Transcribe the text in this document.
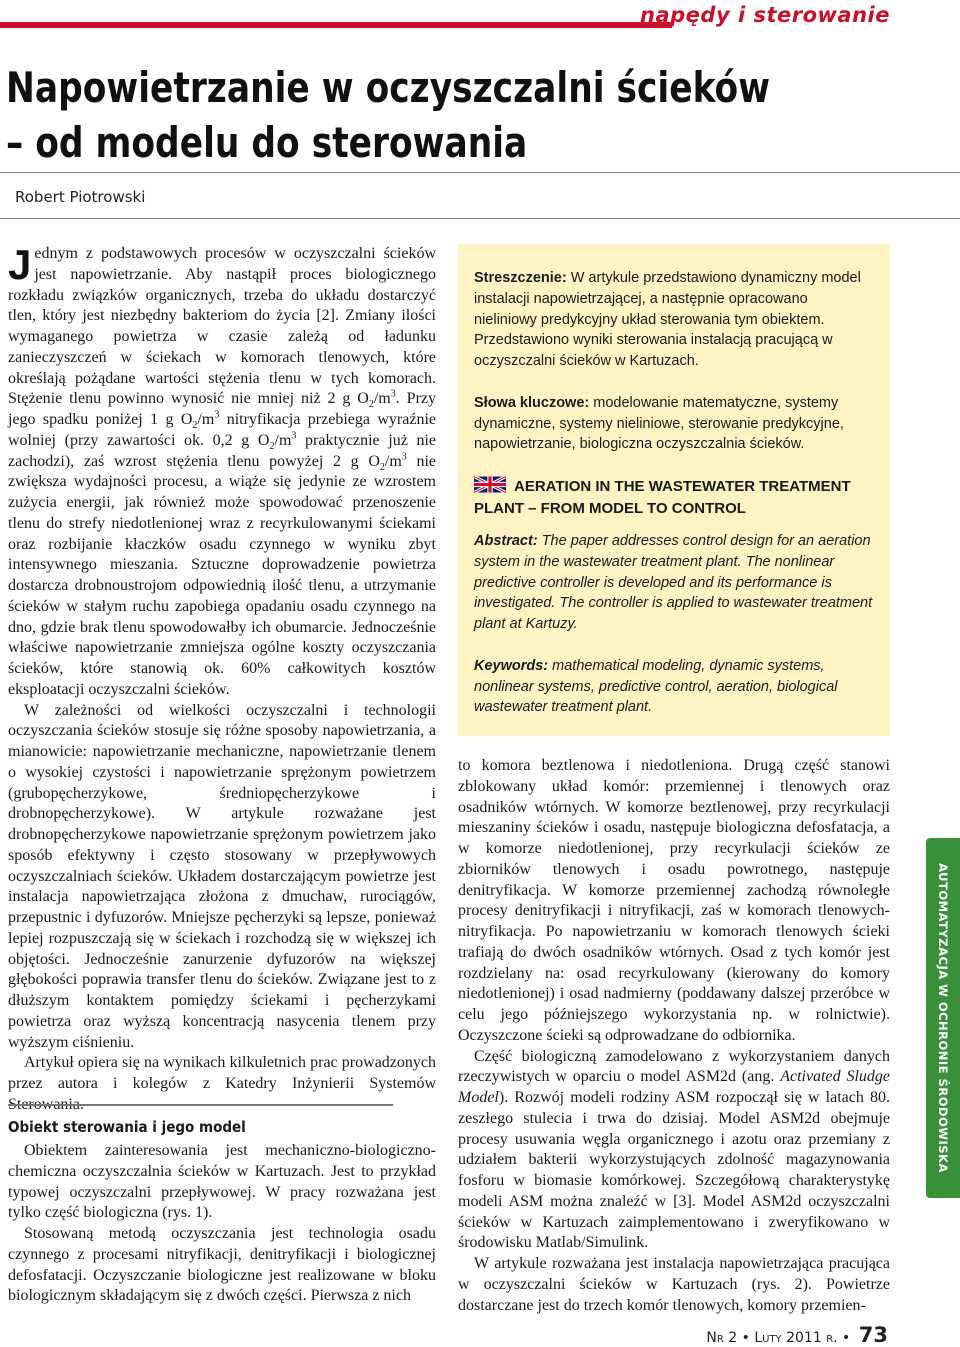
napędy i sterowanie
Napowietrzanie w oczyszczalni ścieków
– od modelu do sterowania
Robert Piotrowski

Jednym z podstawowych procesów w oczyszczalni ścieków jest napowietrzanie. Aby nastąpił proces biologicznego rozkładu związków organicznych, trzeba do układu dostarczyć tlen, który jest niezbędny bakteriom do życia [2]. Zmiany ilości wymaganego powietrza w czasie zależą od ładunku zanieczyszczeń w ściekach w komorach tlenowych, które określają pożądane wartości stężenia tlenu w tych komorach. Stężenie tlenu powinno wynosić nie mniej niż 2 g $O_2/m^3$. Przy jego spadku poniżej 1 g $O_2/m^3$ nitryfikacja przebiega wyraźnie wolniej (przy zawartości ok. 0,2 g $O_2/m^3$ praktycznie już nie zachodzi), zaś wzrost stężenia tlenu powyżej 2 g $O_2/m^3$ nie zwiększa wydajności procesu, a wiąże się jedynie ze wzrostem zużycia energii, jak również może spowodować przenoszenie tlenu do strefy niedotlenionej wraz z recyrkulowanymi ściekami oraz rozbijanie kłaczków osadu czynnego w wyniku zbyt intensywnego mieszania. Sztuczne doprowadzenie powietrza dostarcza drobnoustrojom odpowiednią ilość tlenu, a utrzymanie ścieków w stałym ruchu zapobiega opadaniu osadu czynnego na dno, gdzie brak tlenu spowodowałby ich obumarcie. Jednocześnie właściwe napowietrzanie zmniejsza ogólne koszty oczyszczania ścieków, które stanowią ok. 60% całkowitych kosztów eksploatacji oczyszczalni ścieków.

W zależności od wielkości oczyszczalni i technologii oczyszczania ścieków stosuje się różne sposoby napowietrzania, a mianowicie: napowietrzanie mechaniczne, napowietrzanie tlenem o wysokiej czystości i napowietrzanie sprężonym powietrzem (grubopęcherzykowe, średniopęcherzykowe i drobnopęcherzykowe). W artykule rozważane jest drobnopęcherzykowe napowietrzanie sprężonym powietrzem jako sposób efektywny i często stosowany w przepływowych oczyszczalniach ścieków. Układem dostarczającym powietrze jest instalacja napowietrzająca złożona z dmuchaw, rurociągów, przepustnic i dyfuzorów. Mniejsze pęcherzyki są lepsze, ponieważ lepiej rozpuszczają się w ściekach i rozchodzą się w większej ich objętości. Jednocześnie zanurzenie dyfuzorów na większej głębokości poprawia transfer tlenu do ścieków. Związane jest to z dłuższym kontaktem pomiędzy ściekami i pęcherzykami powietrza oraz wyższą koncentracją nasycenia tlenem przy wyższym ciśnieniu.

Artykuł opiera się na wynikach kilkuletnich prac prowadzonych przez autora i kolegów z Katedry Inżynierii Systemów Sterowania.

Obiekt sterowania i jego model

Obiektem zainteresowania jest mechaniczno-biologiczno-chemiczna oczyszczalnia ścieków w Kartuzach. Jest to przykład typowej oczyszczalni przepływowej. W pracy rozważana jest tylko część biologiczna (rys. 1).

Stosowaną metodą oczyszczania jest technologia osadu czynnego z procesami nitryfikacji, denitryfikacji i biologicznej defosfatacji. Oczyszczanie biologiczne jest realizowane w bloku biologicznym składającym się z dwóch części. Pierwsza z nich

Streszczenie: W artykule przedstawiono dynamiczny model instalacji napowietrzającej, a następnie opracowano nieliniowy predykcyjny układ sterowania tym obiektem. Przedstawiono wyniki sterowania instalacją pracującą w oczyszczalni ścieków w Kartuzach.

Słowa kluczowe: modelowanie matematyczne, systemy dynamiczne, systemy nieliniowe, sterowanie predykcyjne, napowietrzanie, biologiczna oczyszczalnia ścieków.

AERATION IN THE WASTEWATER TREATMENT PLANT – FROM MODEL TO CONTROL

Abstract: The paper addresses control design for an aeration system in the wastewater treatment plant. The nonlinear predictive controller is developed and its performance is investigated. The controller is applied to wastewater treatment plant at Kartuzy.

Keywords: mathematical modeling, dynamic systems, nonlinear systems, predictive control, aeration, biological wastewater treatment plant.

to komora beztlenowa i niedotleniona. Drugą część stanowi zblokowany układ komór: przemiennej i tlenowych oraz osadników wtórnych. W komorze beztlenowej, przy recyrkulacji mieszaniny ścieków i osadu, następuje biologiczna defosfatacja, a w komorze niedotlenionej, przy recyrkulacji ścieków ze zbiorników tlenowych i osadu powrotnego, następuje denitryfikacja. W komorze przemiennej zachodzą równoległe procesy denitryfikacji i nitryfikacji, zaś w komorach tlenowych-nitryfikacja. Po napowietrzaniu w komorach tlenowych ścieki trafiają do dwóch osadników wtórnych. Osad z tych komór jest rozdzielany na: osad recyrkulowany (kierowany do komory niedotlenionej) i osad nadmierny (poddawany dalszej przeróbce w celu jego późniejszego wykorzystania np. w rolnictwie). Oczyszczone ścieki są odprowadzane do odbiornika.

Część biologiczną zamodelowano z wykorzystaniem danych rzeczywistych w oparciu o model ASM2d (ang. Activated Sludge Model). Rozwój modeli rodziny ASM rozpoczął się w latach 80. zeszłego stulecia i trwa do dzisiaj. Model ASM2d obejmuje procesy usuwania węgla organicznego i azotu oraz przemiany z udziałem bakterii wykorzystujących zdolność magazynowania fosforu w biomasie komórkowej. Szczegółową charakterystykę modeli ASM można znaleźć w [3]. Model ASM2d oczyszczalni ścieków w Kartuzach zaimplementowano i zweryfikowano w środowisku Matlab/Simulink.

W artykule rozważana jest instalacja napowietrzająca pracująca w oczyszczalni ścieków w Kartuzach (rys. 2). Powietrze dostarczane jest do trzech komór tlenowych, komory przemien-

AUTOMATYZACJA W OCHRONIE ŚRODOWISKA
Nr 2 • Luty 2011 r. • 73
